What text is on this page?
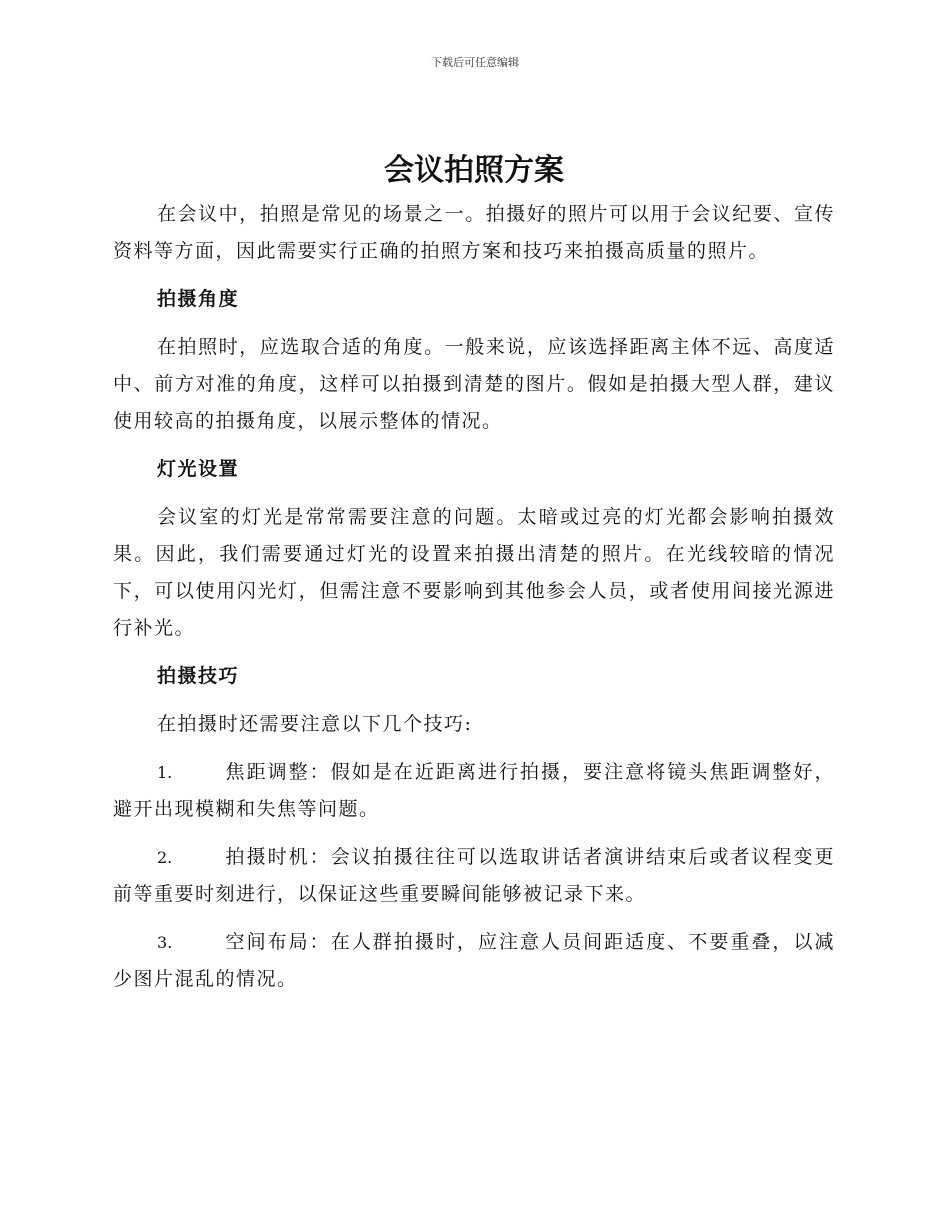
下载后可任意编辑
会议拍照方案

在会议中，拍照是常见的场景之一。拍摄好的照片可以用于会议纪要、宣传资料等方面，因此需要实行正确的拍照方案和技巧来拍摄高质量的照片。

拍摄角度

在拍照时，应选取合适的角度。一般来说，应该选择距离主体不远、高度适中、前方对准的角度，这样可以拍摄到清楚的图片。假如是拍摄大型人群，建议使用较高的拍摄角度，以展示整体的情况。

灯光设置

会议室的灯光是常常需要注意的问题。太暗或过亮的灯光都会影响拍摄效果。因此，我们需要通过灯光的设置来拍摄出清楚的照片。在光线较暗的情况下，可以使用闪光灯，但需注意不要影响到其他参会人员，或者使用间接光源进行补光。

拍摄技巧

在拍摄时还需要注意以下几个技巧:

1.	焦距调整：假如是在近距离进行拍摄，要注意将镜头焦距调整好，避开出现模糊和失焦等问题。
2.	拍摄时机：会议拍摄往往可以选取讲话者演讲结束后或者议程变更前等重要时刻进行，以保证这些重要瞬间能够被记录下来。
3.	空间布局：在人群拍摄时，应注意人员间距适度、不要重叠，以减少图片混乱的情况。
